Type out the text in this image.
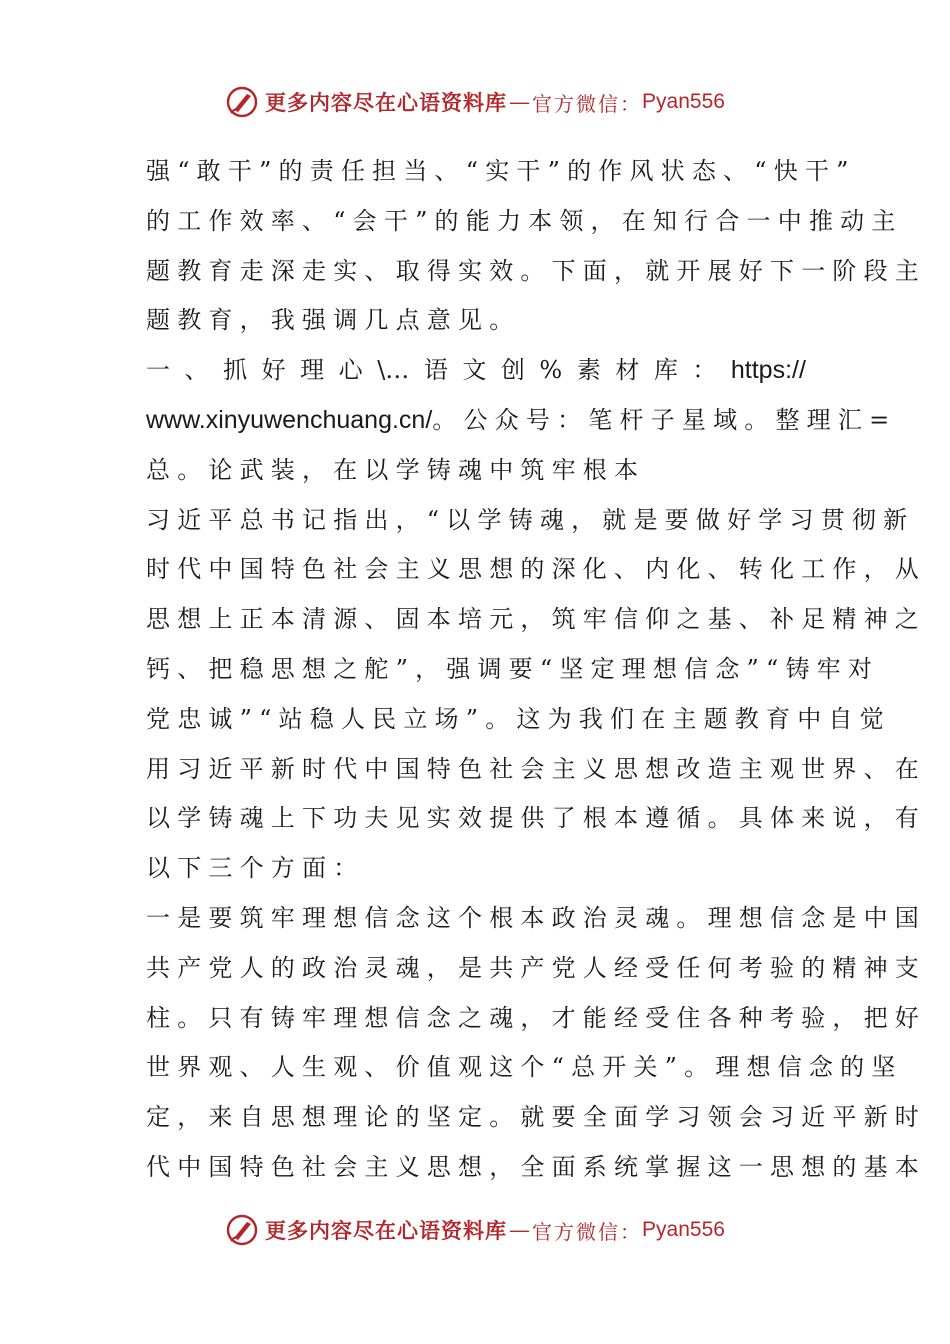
更多内容尽在心语资料库 — 官方微信： Pyan556
强“敢干”的责任担当、“实干”的作风状态、“快干”
的工作效率、“会干”的能力本领，在知行合一中推动主
题教育走深走实、取得实效。下面，就开展好下一阶段主
题教育，我强调几点意见。
一 、 抓 好 理 心 \… 语 文 创 % 素 材 库 ： https://
www.xinyuwenchuang.cn/。公众号：笔杆子星域。整理汇=
总。论武装，在以学铸魂中筑牢根本
习近平总书记指出，“以学铸魂，就是要做好学习贯彻新
时代中国特色社会主义思想的深化、内化、转化工作，从
思想上正本清源、固本培元，筑牢信仰之基、补足精神之
钙、把稳思想之舵”，强调要“坚定理想信念”“铸牢对
党忠诚”“站稳人民立场”。这为我们在主题教育中自觉
用习近平新时代中国特色社会主义思想改造主观世界、在
以学铸魂上下功夫见实效提供了根本遵循。具体来说，有
以下三个方面：
一是要筑牢理想信念这个根本政治灵魂。理想信念是中国
共产党人的政治灵魂，是共产党人经受任何考验的精神支
柱。只有铸牢理想信念之魂，才能经受住各种考验，把好
世界观、人生观、价值观这个“总开关”。理想信念的坚
定，来自思想理论的坚定。就要全面学习领会习近平新时
代中国特色社会主义思想，全面系统掌握这一思想的基本
更多内容尽在心语资料库 — 官方微信： Pyan556
